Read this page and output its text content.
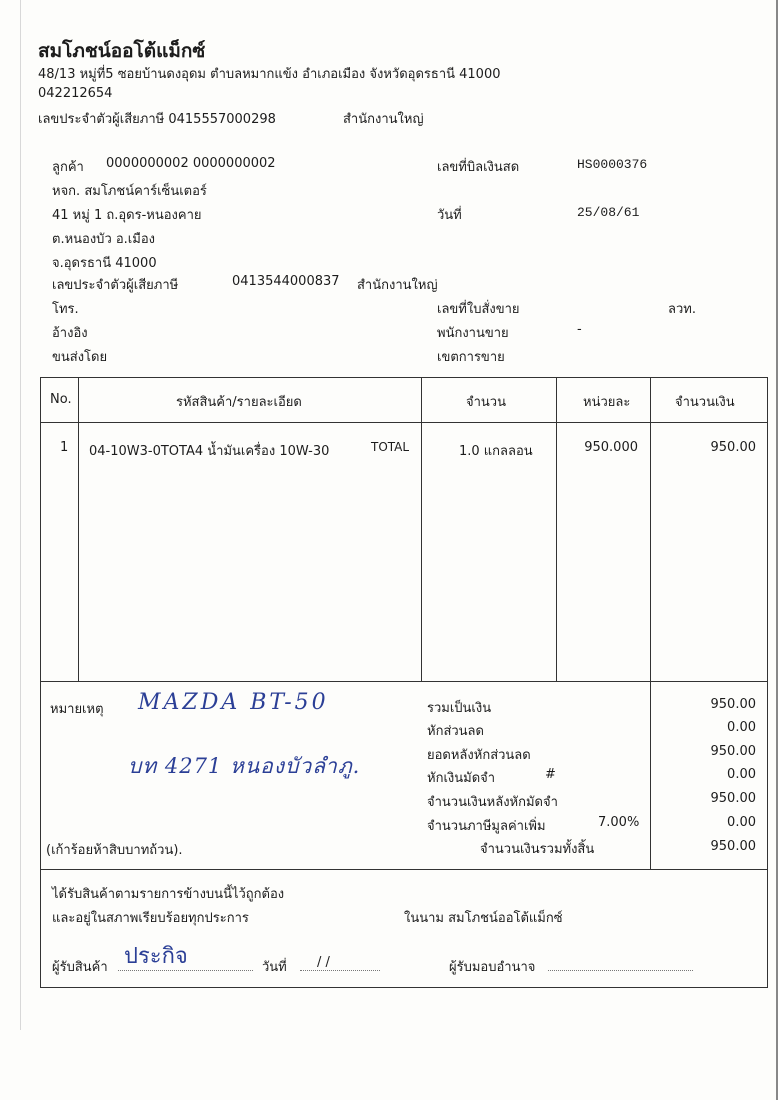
สมโภชน์ออโต้แม็กซ์
48/13 หมู่ที่5 ซอยบ้านดงอุดม ตำบลหมากแข้ง อำเภอเมือง จังหวัดอุดรธานี 41000
042212654
เลขประจำตัวผู้เสียภาษี 0415557000298	สำนักงานใหญ่
ลูกค้า 0000000002 0000000002
หจก. สมโภชน์คาร์เซ็นเตอร์
41 หมู่ 1 ถ.อุดร-หนองคาย
ต.หนองบัว อ.เมือง
จ.อุดรธานี 41000
เลขประจำตัวผู้เสียภาษี	0413544000837 สำนักงานใหญ่
โทร.
อ้างอิง
ขนส่งโดย
เลขที่บิลเงินสด	HS0000376
วันที่	25/08/61
เลขที่ใบสั่งขาย	ลวท.
พนักงานขาย	-
เขตการขาย
No.	รหัสสินค้า/รายละเอียด	จำนวน	หน่วยละ	จำนวนเงิน
1 04-10W3-0TOTA4 น้ำมันเครื่อง 10W-30	TOTAL	1.0 แกลลอน	950.000	950.00
หมายเหตุ MAZDA BT-50
บท 4271 หนองบัวลำภู.
(เก้าร้อยห้าสิบบาทถ้วน).
รวมเป็นเงิน	950.00
หักส่วนลด	0.00
ยอดหลังหักส่วนลด	950.00
หักเงินมัดจำ	#	0.00
จำนวนเงินหลังหักมัดจำ	950.00
จำนวนภาษีมูลค่าเพิ่ม	7.00%	0.00
จำนวนเงินรวมทั้งสิ้น	950.00
ได้รับสินค้าตามรายการข้างบนนี้ไว้ถูกต้อง
และอยู่ในสภาพเรียบร้อยทุกประการ	ในนาม สมโภชน์ออโต้แม็กซ์
ผู้รับสินค้า ประกิจ	วันที่ / /	ผู้รับมอบอำนาจ
